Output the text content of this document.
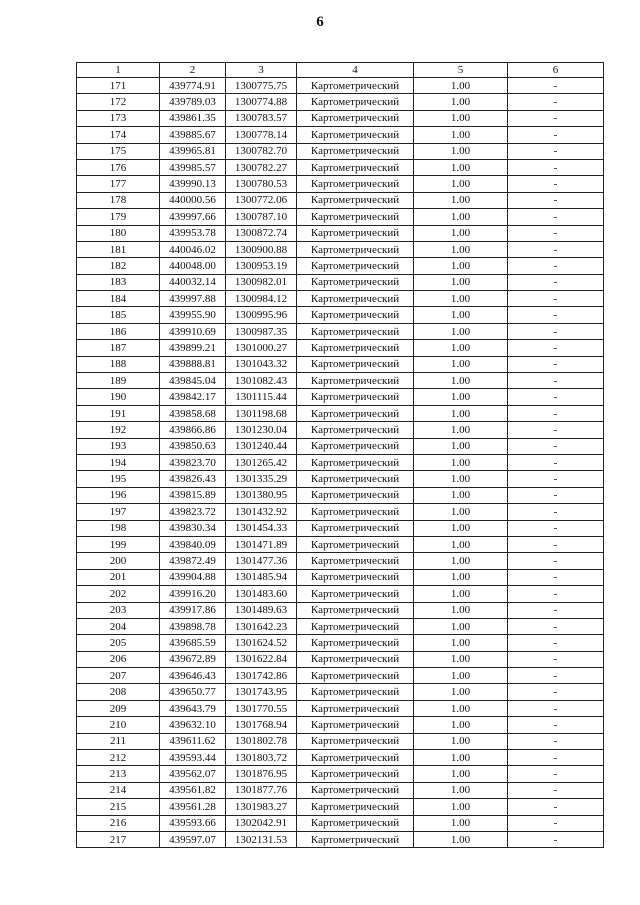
6
1	2	3	4	5	6
171	439774.91	1300775.75	Картометрический	1.00	-
172	439789.03	1300774.88	Картометрический	1.00	-
173	439861.35	1300783.57	Картометрический	1.00	-
174	439885.67	1300778.14	Картометрический	1.00	-
175	439965.81	1300782.70	Картометрический	1.00	-
176	439985.57	1300782.27	Картометрический	1.00	-
177	439990.13	1300780.53	Картометрический	1.00	-
178	440000.56	1300772.06	Картометрический	1.00	-
179	439997.66	1300787.10	Картометрический	1.00	-
180	439953.78	1300872.74	Картометрический	1.00	-
181	440046.02	1300900.88	Картометрический	1.00	-
182	440048.00	1300953.19	Картометрический	1.00	-
183	440032.14	1300982.01	Картометрический	1.00	-
184	439997.88	1300984.12	Картометрический	1.00	-
185	439955.90	1300995.96	Картометрический	1.00	-
186	439910.69	1300987.35	Картометрический	1.00	-
187	439899.21	1301000.27	Картометрический	1.00	-
188	439888.81	1301043.32	Картометрический	1.00	-
189	439845.04	1301082.43	Картометрический	1.00	-
190	439842.17	1301115.44	Картометрический	1.00	-
191	439858.68	1301198.68	Картометрический	1.00	-
192	439866.86	1301230.04	Картометрический	1.00	-
193	439850.63	1301240.44	Картометрический	1.00	-
194	439823.70	1301265.42	Картометрический	1.00	-
195	439826.43	1301335.29	Картометрический	1.00	-
196	439815.89	1301380.95	Картометрический	1.00	-
197	439823.72	1301432.92	Картометрический	1.00	-
198	439830.34	1301454.33	Картометрический	1.00	-
199	439840.09	1301471.89	Картометрический	1.00	-
200	439872.49	1301477.36	Картометрический	1.00	-
201	439904.88	1301485.94	Картометрический	1.00	-
202	439916.20	1301483.60	Картометрический	1.00	-
203	439917.86	1301489.63	Картометрический	1.00	-
204	439898.78	1301642.23	Картометрический	1.00	-
205	439685.59	1301624.52	Картометрический	1.00	-
206	439672.89	1301622.84	Картометрический	1.00	-
207	439646.43	1301742.86	Картометрический	1.00	-
208	439650.77	1301743.95	Картометрический	1.00	-
209	439643.79	1301770.55	Картометрический	1.00	-
210	439632.10	1301768.94	Картометрический	1.00	-
211	439611.62	1301802.78	Картометрический	1.00	-
212	439593.44	1301803.72	Картометрический	1.00	-
213	439562.07	1301876.95	Картометрический	1.00	-
214	439561.82	1301877.76	Картометрический	1.00	-
215	439561.28	1301983.27	Картометрический	1.00	-
216	439593.66	1302042.91	Картометрический	1.00	-
217	439597.07	1302131.53	Картометрический	1.00	-
